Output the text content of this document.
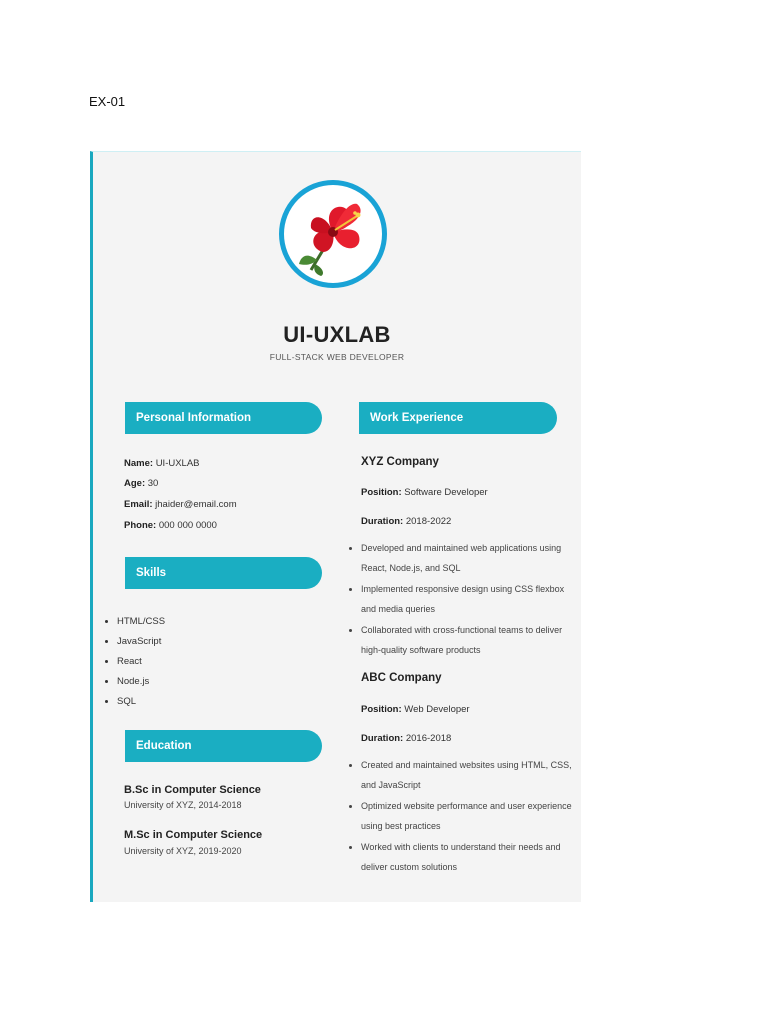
EX-01
UI-UXLAB
FULL-STACK WEB DEVELOPER
Personal Information
Name: UI-UXLAB
Age: 30
Email: jhaider@email.com
Phone: 000 000 0000
Skills
• HTML/CSS
• JavaScript
• React
• Node.js
• SQL
Education
B.Sc in Computer Science
University of XYZ, 2014-2018
M.Sc in Computer Science
University of XYZ, 2019-2020
Work Experience
XYZ Company
Position: Software Developer
Duration: 2018-2022
• Developed and maintained web applications using React, Node.js, and SQL
• Implemented responsive design using CSS flexbox and media queries
• Collaborated with cross-functional teams to deliver high-quality software products
ABC Company
Position: Web Developer
Duration: 2016-2018
• Created and maintained websites using HTML, CSS, and JavaScript
• Optimized website performance and user experience using best practices
• Worked with clients to understand their needs and deliver custom solutions
